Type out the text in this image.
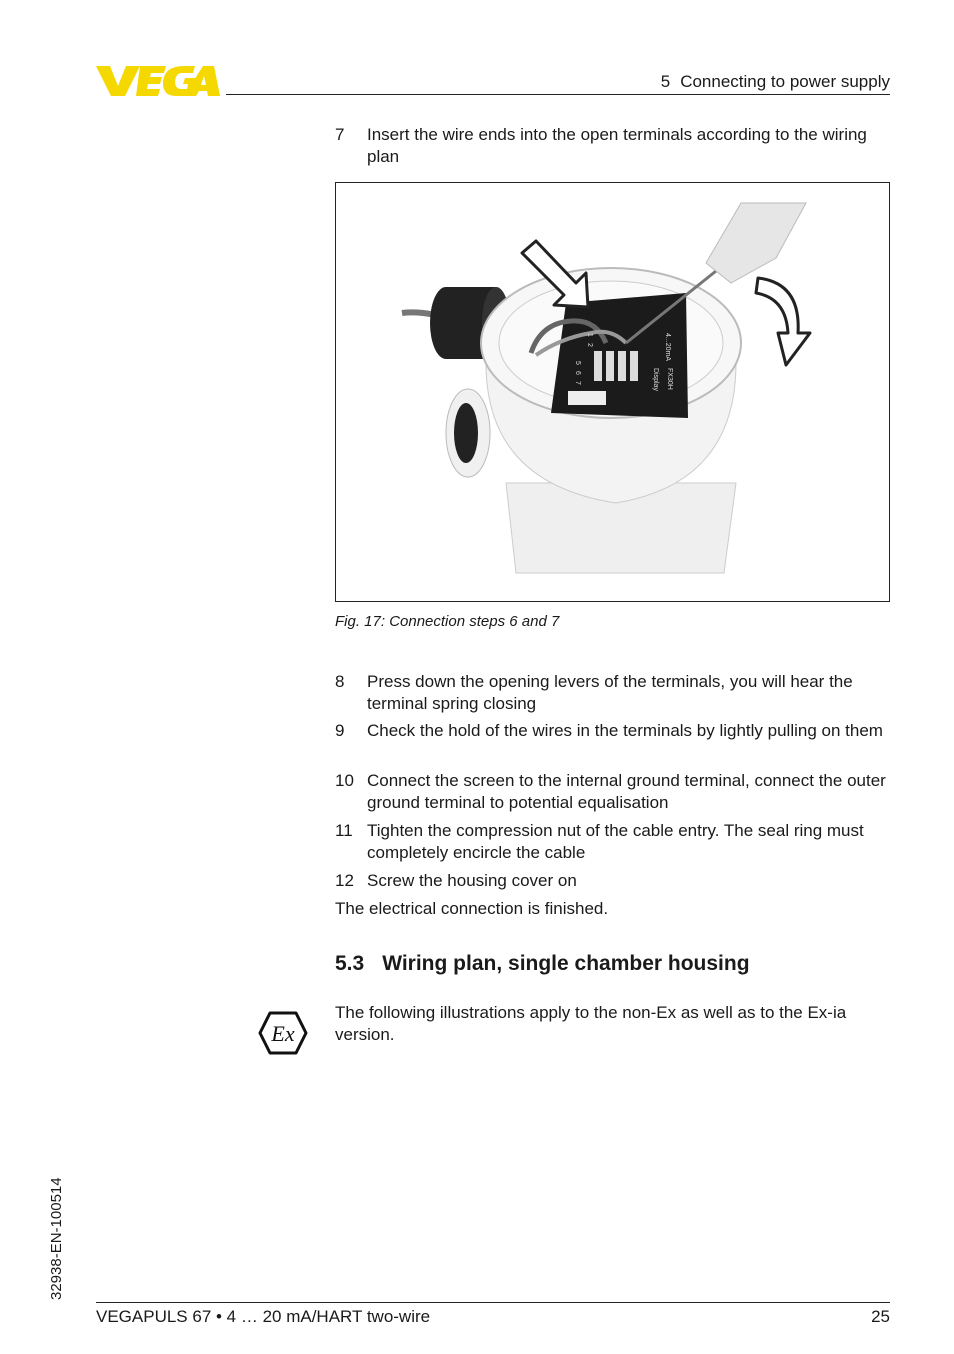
5 Connecting to power supply
7 Insert the wire ends into the open terminals according to the wiring plan
4...20mA
Display FX30H
1
2
5
6
7
Fig. 17: Connection steps 6 and 7
8 Press down the opening levers of the terminals, you will hear the terminal spring closing
9 Check the hold of the wires in the terminals by lightly pulling on them
10 Connect the screen to the internal ground terminal, connect the outer ground terminal to potential equalisation
11 Tighten the compression nut of the cable entry. The seal ring must completely encircle the cable
12 Screw the housing cover on
The electrical connection is finished.
5.3 Wiring plan, single chamber housing
Ex
The following illustrations apply to the non-Ex as well as to the Ex-ia version.
32938-EN-100514
VEGAPULS 67 • 4 … 20 mA/HART two-wire	25
